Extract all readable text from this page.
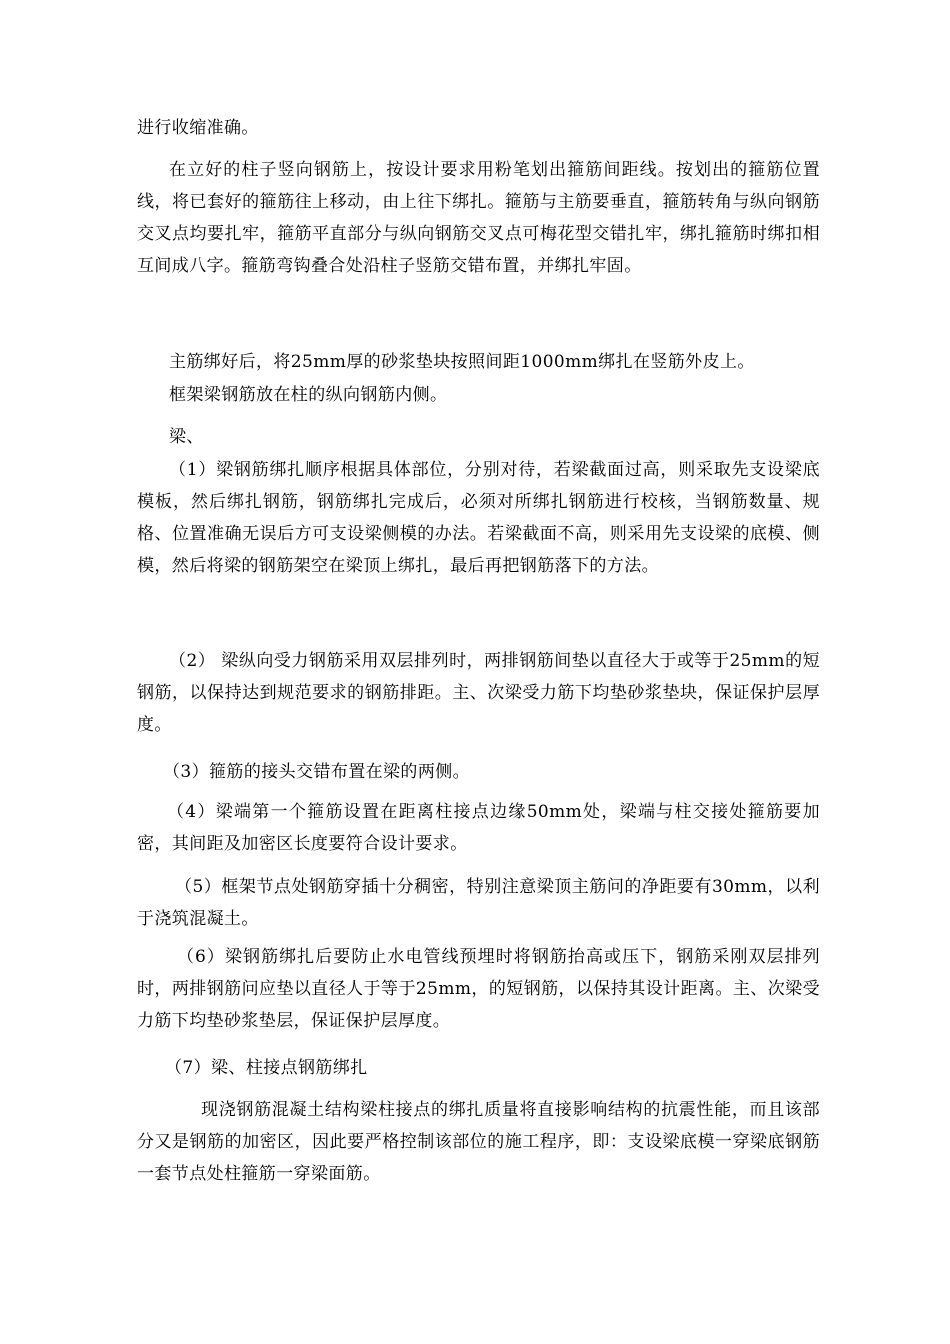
进行收缩准确。

在立好的柱子竖向钢筋上，按设计要求用粉笔划出箍筋间距线。按划出的箍筋位置线，将已套好的箍筋往上移动，由上往下绑扎。箍筋与主筋要垂直，箍筋转角与纵向钢筋交叉点均要扎牢，箍筋平直部分与纵向钢筋交叉点可梅花型交错扎牢，绑扎箍筋时绑扣相互间成八字。箍筋弯钩叠合处沿柱子竖筋交错布置，并绑扎牢固。

主筋绑好后，将25mm厚的砂浆垫块按照间距1000mm绑扎在竖筋外皮上。

框架梁钢筋放在柱的纵向钢筋内侧。

梁、

（1）梁钢筋绑扎顺序根据具体部位，分别对待，若梁截面过高，则采取先支设梁底模板，然后绑扎钢筋，钢筋绑扎完成后，必须对所绑扎钢筋进行校核，当钢筋数量、规格、位置准确无误后方可支设梁侧模的办法。若梁截面不高，则采用先支设梁的底模、侧模，然后将梁的钢筋架空在梁顶上绑扎，最后再把钢筋落下的方法。

（2） 梁纵向受力钢筋采用双层排列时，两排钢筋间垫以直径大于或等于25mm的短钢筋，以保持达到规范要求的钢筋排距。主、次梁受力筋下均垫砂浆垫块，保证保护层厚度。

（3）箍筋的接头交错布置在梁的两侧。

（4）梁端第一个箍筋设置在距离柱接点边缘50mm处，梁端与柱交接处箍筋要加密，其间距及加密区长度要符合设计要求。

（5）框架节点处钢筋穿插十分稠密，特别注意梁顶主筋问的净距要有30mm，以利于浇筑混凝土。

（6）梁钢筋绑扎后要防止水电管线预埋时将钢筋抬高或压下，钢筋采刚双层排列时，两排钢筋问应垫以直径人于等于25mm，的短钢筋，以保持其设计距离。主、次梁受力筋下均垫砂浆垫层，保证保护层厚度。

（7）梁、柱接点钢筋绑扎

现浇钢筋混凝土结构梁柱接点的绑扎质量将直接影响结构的抗震性能，而且该部分又是钢筋的加密区，因此要严格控制该部位的施工程序，即：支设梁底模一穿梁底钢筋一套节点处柱箍筋一穿梁面筋。
